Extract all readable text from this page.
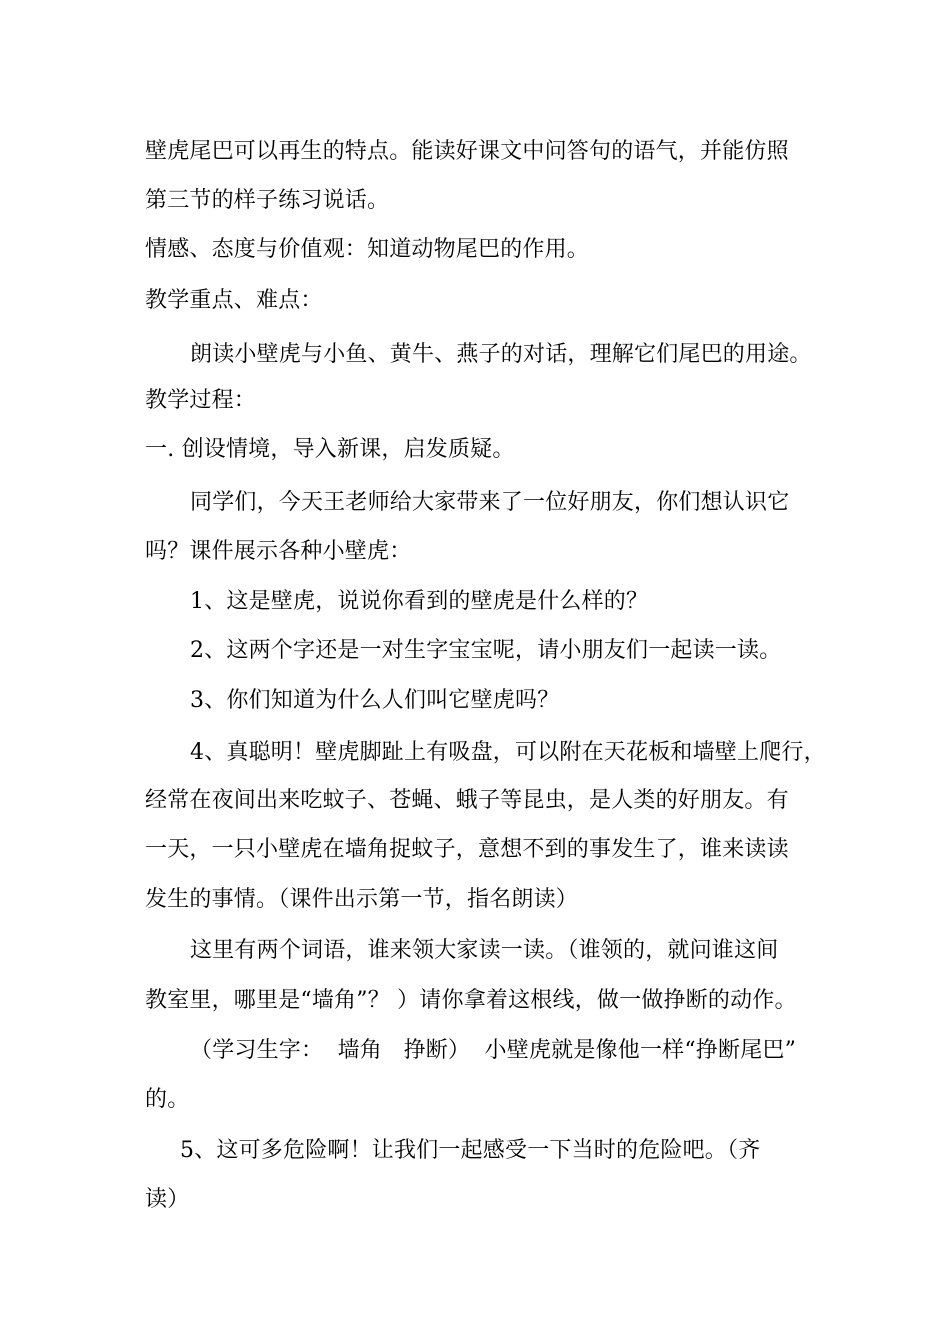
壁虎尾巴可以再生的特点。能读好课文中问答句的语气，并能仿照
第三节的样子练习说话。
情感、态度与价值观：知道动物尾巴的作用。
教学重点、难点：
朗读小壁虎与小鱼、黄牛、燕子的对话，理解它们尾巴的用途。
教学过程：
一. 创设情境，导入新课，启发质疑。
同学们，今天王老师给大家带来了一位好朋友，你们想认识它
吗？课件展示各种小壁虎：
1、这是壁虎，说说你看到的壁虎是什么样的？
2、这两个字还是一对生字宝宝呢，请小朋友们一起读一读。
3、你们知道为什么人们叫它壁虎吗？
4、真聪明！壁虎脚趾上有吸盘，可以附在天花板和墙壁上爬行，
经常在夜间出来吃蚊子、苍蝇、蛾子等昆虫，是人类的好朋友。有
一天，一只小壁虎在墙角捉蚊子，意想不到的事发生了，谁来读读
发生的事情。（课件出示第一节，指名朗读）
这里有两个词语，谁来领大家读一读。（谁领的，就问谁这间
教室里，哪里是“墙角”？ ）请你拿着这根线，做一做挣断的动作。
（学习生字：  墙角   挣断）  小壁虎就是像他一样“挣断尾巴”
的。
5、这可多危险啊！让我们一起感受一下当时的危险吧。（齐
读）
